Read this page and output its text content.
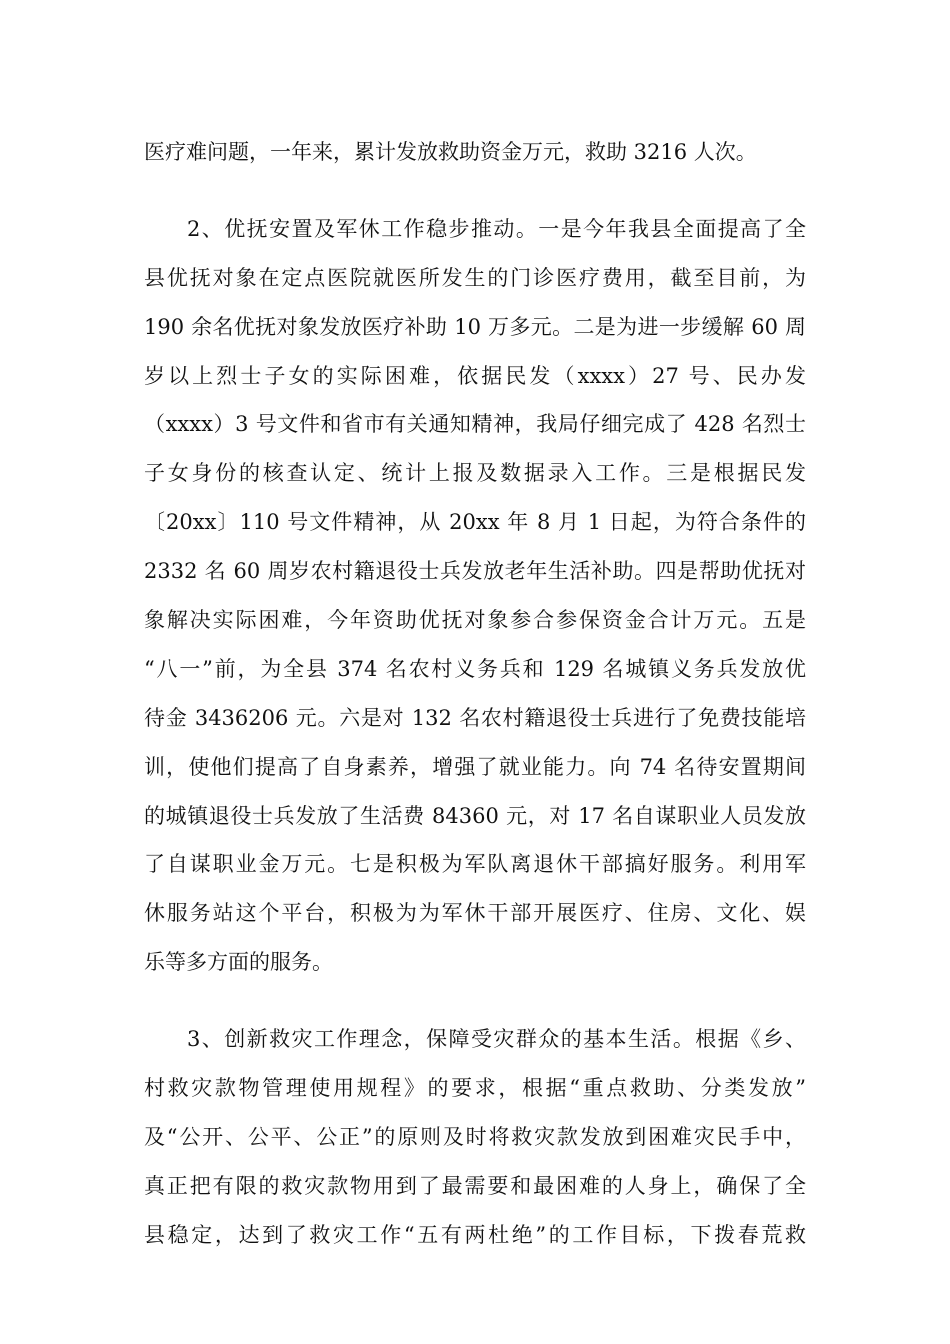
医疗难问题，一年来，累计发放救助资金万元，救助 3216 人次。
2、优抚安置及军休工作稳步推动。一是今年我县全面提高了全
县优抚对象在定点医院就医所发生的门诊医疗费用，截至目前，为
190 余名优抚对象发放医疗补助 10 万多元。二是为进一步缓解 60 周
岁以上烈士子女的实际困难，依据民发（xxxx）27 号、民办发
（xxxx）3 号文件和省市有关通知精神，我局仔细完成了 428 名烈士
子女身份的核查认定、统计上报及数据录入工作。三是根据民发
〔20xx〕110 号文件精神，从 20xx 年 8 月 1 日起，为符合条件的
2332 名 60 周岁农村籍退役士兵发放老年生活补助。四是帮助优抚对
象解决实际困难，今年资助优抚对象参合参保资金合计万元。五是
“八一”前，为全县 374 名农村义务兵和 129 名城镇义务兵发放优
待金 3436206 元。六是对 132 名农村籍退役士兵进行了免费技能培
训，使他们提高了自身素养，增强了就业能力。向 74 名待安置期间
的城镇退役士兵发放了生活费 84360 元，对 17 名自谋职业人员发放
了自谋职业金万元。七是积极为军队离退休干部搞好服务。利用军
休服务站这个平台，积极为为军休干部开展医疗、住房、文化、娱
乐等多方面的服务。
3、创新救灾工作理念，保障受灾群众的基本生活。根据《乡、
村救灾款物管理使用规程》的要求，根据“重点救助、分类发放”
及“公开、公平、公正”的原则及时将救灾款发放到困难灾民手中，
真正把有限的救灾款物用到了最需要和最困难的人身上，确保了全
县稳定，达到了救灾工作“五有两杜绝”的工作目标，下拨春荒救
